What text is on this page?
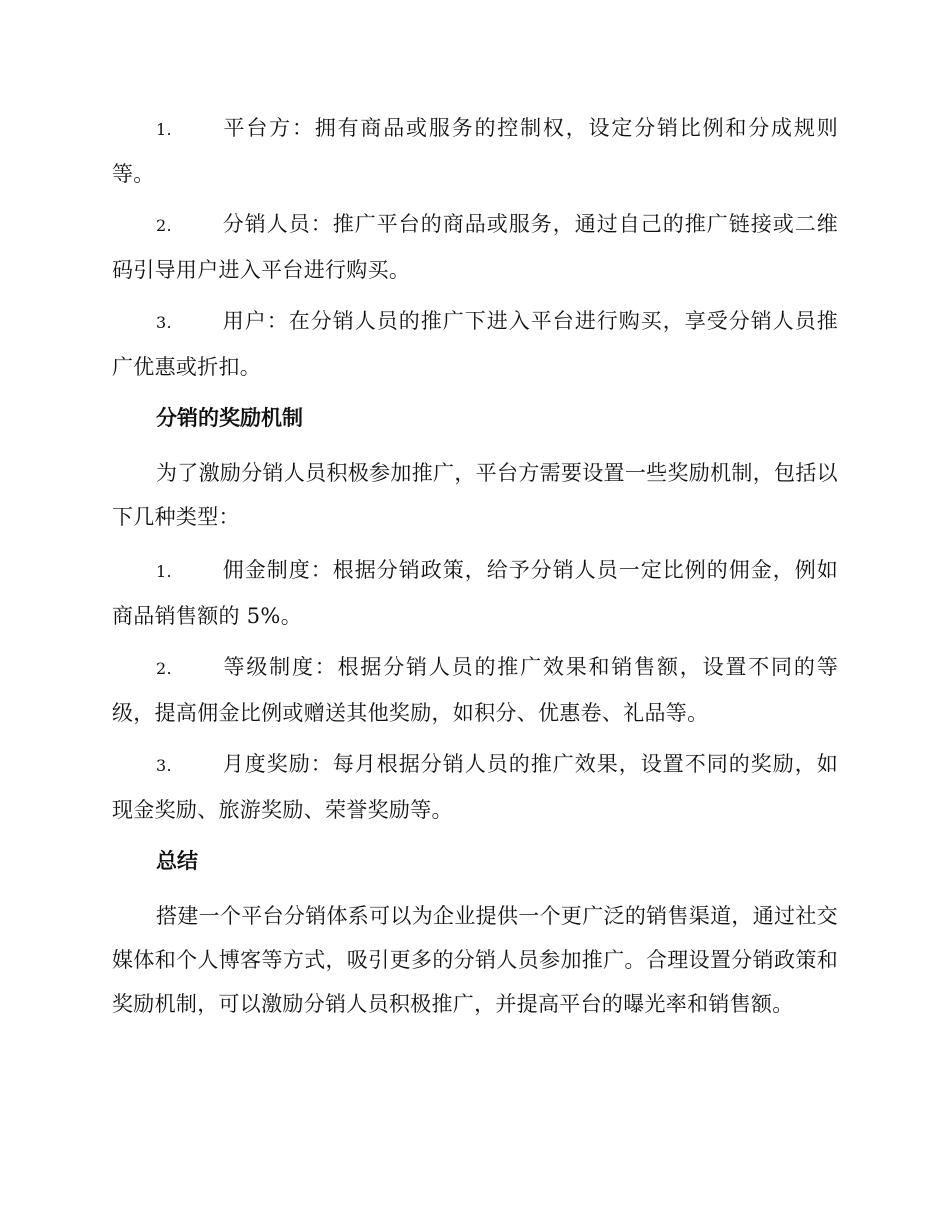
1. 平台方：拥有商品或服务的控制权，设定分销比例和分成规则等。
2. 分销人员：推广平台的商品或服务，通过自己的推广链接或二维码引导用户进入平台进行购买。
3. 用户：在分销人员的推广下进入平台进行购买，享受分销人员推广优惠或折扣。
分销的奖励机制
为了激励分销人员积极参加推广，平台方需要设置一些奖励机制，包括以下几种类型：
1. 佣金制度：根据分销政策，给予分销人员一定比例的佣金，例如商品销售额的 5%。
2. 等级制度：根据分销人员的推广效果和销售额，设置不同的等级，提高佣金比例或赠送其他奖励，如积分、优惠卷、礼品等。
3. 月度奖励：每月根据分销人员的推广效果，设置不同的奖励，如现金奖励、旅游奖励、荣誉奖励等。
总结
搭建一个平台分销体系可以为企业提供一个更广泛的销售渠道，通过社交媒体和个人博客等方式，吸引更多的分销人员参加推广。合理设置分销政策和奖励机制，可以激励分销人员积极推广，并提高平台的曝光率和销售额。
